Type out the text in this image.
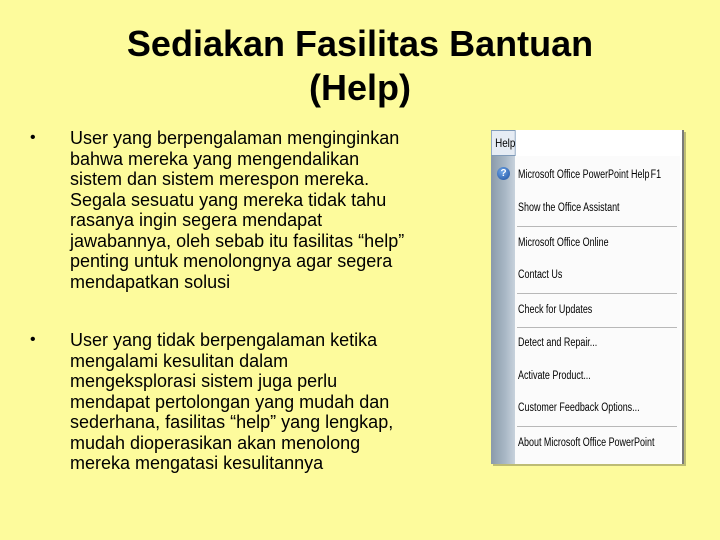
Sediakan Fasilitas Bantuan
(Help)
•	User yang berpengalaman menginginkan
bahwa mereka yang mengendalikan
sistem dan sistem merespon mereka.
Segala sesuatu yang mereka tidak tahu
rasanya ingin segera mendapat
jawabannya, oleh sebab itu fasilitas “help”
penting untuk menolongnya agar segera
mendapatkan solusi
•	User yang tidak berpengalaman ketika
mengalami kesulitan dalam
mengeksplorasi sistem juga perlu
mendapat pertolongan yang mudah dan
sederhana, fasilitas “help” yang lengkap,
mudah dioperasikan akan menolong
mereka mengatasi kesulitannya
Help
Microsoft Office PowerPoint Help F1
Show the Office Assistant
Microsoft Office Online
Contact Us
Check for Updates
Detect and Repair...
Activate Product...
Customer Feedback Options...
About Microsoft Office PowerPoint
?
